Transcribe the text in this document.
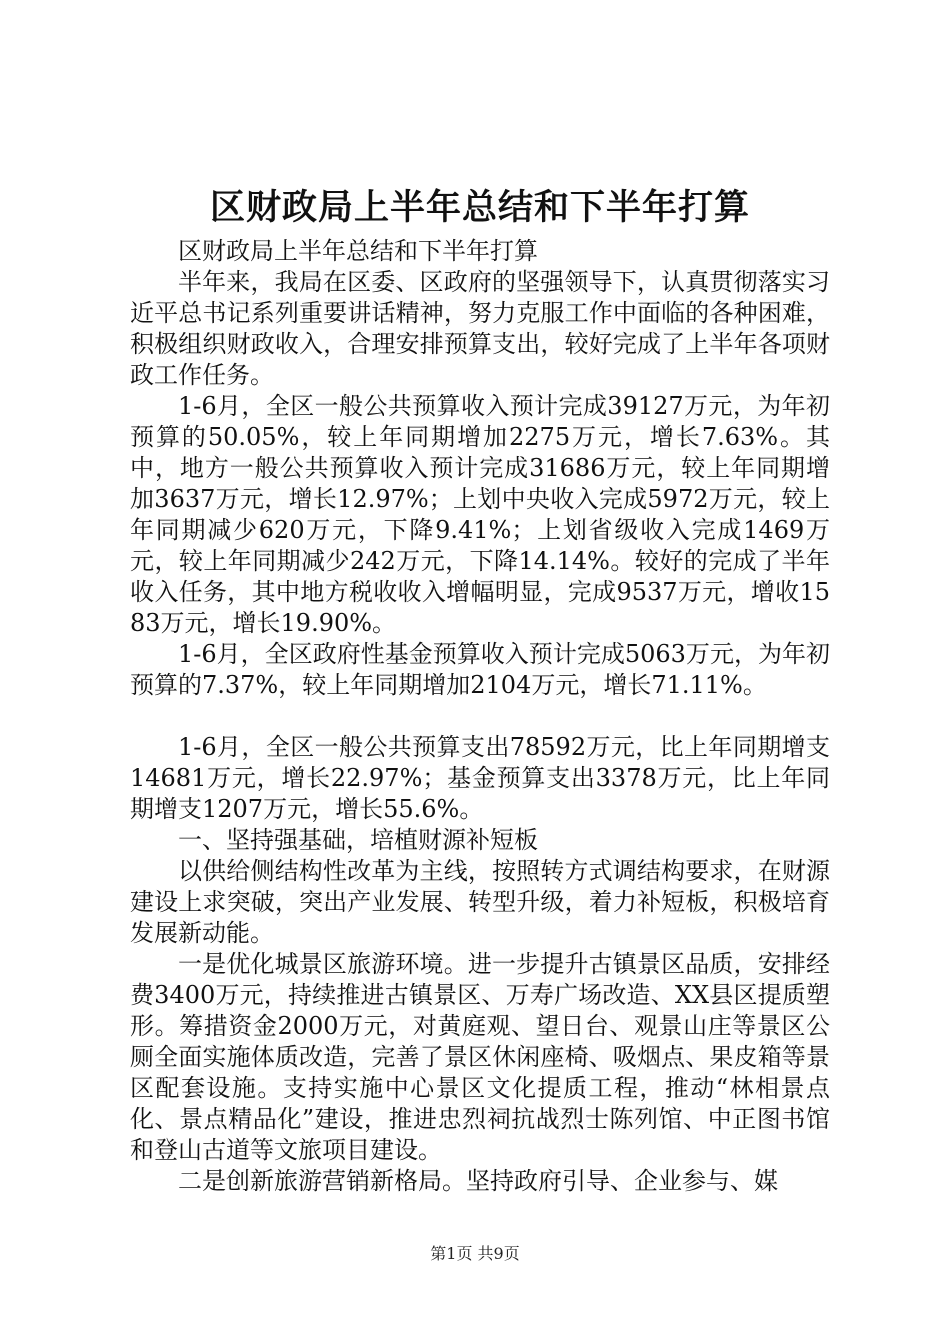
区财政局上半年总结和下半年打算

区财政局上半年总结和下半年打算

半年来，我局在区委、区政府的坚强领导下，认真贯彻落实习近平总书记系列重要讲话精神，努力克服工作中面临的各种困难，积极组织财政收入，合理安排预算支出，较好完成了上半年各项财政工作任务。

1-6月，全区一般公共预算收入预计完成39127万元，为年初预算的50.05%，较上年同期增加2275万元，增长7.63%。其中，地方一般公共预算收入预计完成31686万元，较上年同期增加3637万元，增长12.97%；上划中央收入完成5972万元，较上年同期减少620万元，下降9.41%；上划省级收入完成1469万元，较上年同期减少242万元，下降14.14%。较好的完成了半年收入任务，其中地方税收收入增幅明显，完成9537万元，增收1583万元，增长19.90%。

1-6月，全区政府性基金预算收入预计完成5063万元，为年初预算的7.37%，较上年同期增加2104万元，增长71.11%。

1-6月，全区一般公共预算支出78592万元，比上年同期增支14681万元，增长22.97%；基金预算支出3378万元，比上年同期增支1207万元，增长55.6%。

一、坚持强基础，培植财源补短板

以供给侧结构性改革为主线，按照转方式调结构要求，在财源建设上求突破，突出产业发展、转型升级，着力补短板，积极培育发展新动能。

一是优化城景区旅游环境。进一步提升古镇景区品质，安排经费3400万元，持续推进古镇景区、万寿广场改造、XX县区提质塑形。筹措资金2000万元，对黄庭观、望日台、观景山庄等景区公厕全面实施体质改造，完善了景区休闲座椅、吸烟点、果皮箱等景区配套设施。支持实施中心景区文化提质工程，推动“林相景点化、景点精品化”建设，推进忠烈祠抗战烈士陈列馆、中正图书馆和登山古道等文旅项目建设。

二是创新旅游营销新格局。坚持政府引导、企业参与、媒

第1页 共9页
